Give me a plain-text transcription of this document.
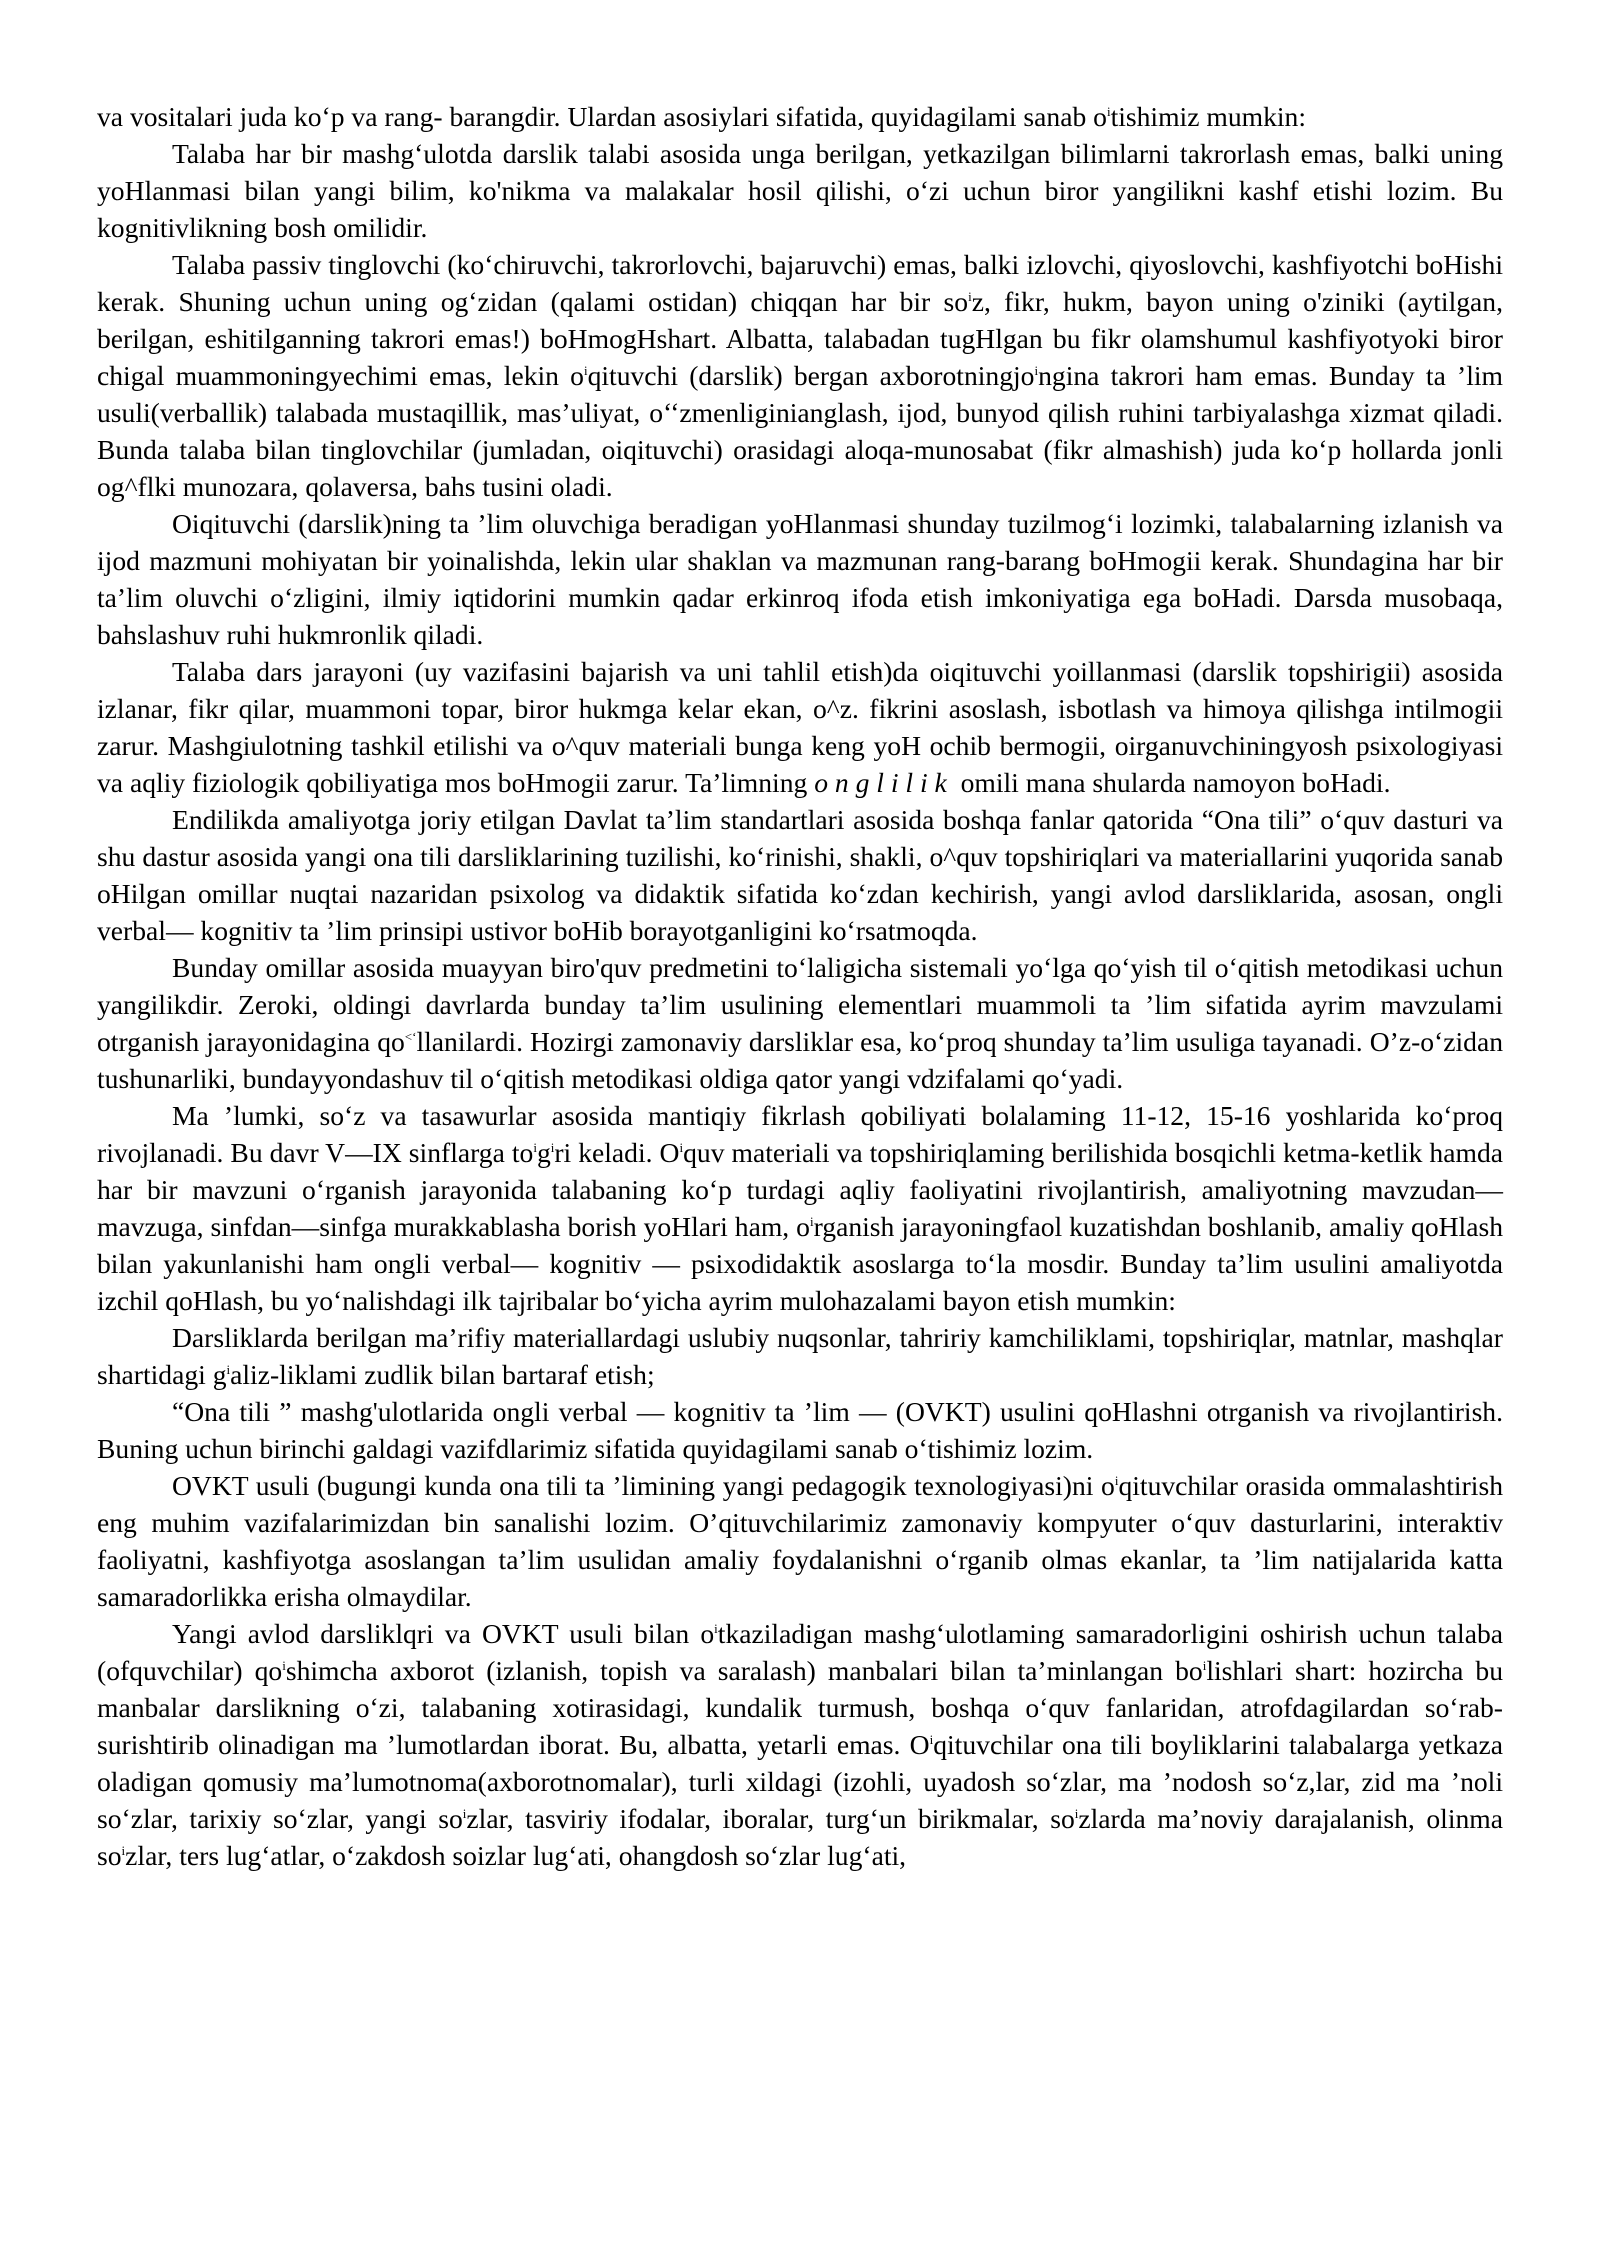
va vositalari juda ko‘p va rang- barangdir. Ulardan asosiylari sifatida, quyidagilami sanab $o^itishimiz$ mumkin:

Talaba har bir mashg‘ulotda darslik talabi asosida unga berilgan, yetkazilgan bilimlarni takrorlash emas, balki uning yoHlanmasi bilan yangi bilim, ko'nikma va malakalar hosil qilishi, o‘zi uchun biror yangilikni kashf etishi lozim. Bu kognitivlikning bosh omilidir.

Talaba passiv tinglovchi (ko‘chiruvchi, takrorlovchi, bajaruvchi) emas, balki izlovchi, qiyoslovchi, kashfiyotchi boHishi kerak. Shuning uchun uning og‘zidan (qalami ostidan) chiqqan har bir $so^iz$, fikr, hukm, bayon uning o'ziniki (aytilgan, berilgan, eshitilganning takrori emas!) boHmogHshart. Albatta, talabadan tugHlgan bu fikr olamshumul kashfiyotyoki biror chigal muammoningyechimi emas, lekin $o^iqituvchi$ (darslik) bergan axborotningjo$^i$ngina takrori ham emas. Bunday ta ’lim usuli(verballik) talabada mustaqillik, mas’uliyat, o‘‘zmenliginianglash, ijod, bunyod qilish ruhini tarbiyalashga xizmat qiladi. Bunda talaba bilan tinglovchilar (jumladan, oiqituvchi) orasidagi aloqa-munosabat (fikr almashish) juda ko‘p hollarda jonli og^flki munozara, qolaversa, bahs tusini oladi.

Oiqituvchi (darslik)ning ta ’lim oluvchiga beradigan yoHlanmasi shunday tuzilmog‘i lozimki, talabalarning izlanish va ijod mazmuni mohiyatan bir yoinalishda, lekin ular shaklan va mazmunan rang-barang boHmogii kerak. Shundagina har bir ta’lim oluvchi o‘zligini, ilmiy iqtidorini mumkin qadar erkinroq ifoda etish imkoniyatiga ega boHadi. Darsda musobaqa, bahslashuv ruhi hukmronlik qiladi.

Talaba dars jarayoni (uy vazifasini bajarish va uni tahlil etish)da oiqituvchi yoillanmasi (darslik topshirigii) asosida izlanar, fikr qilar, muammoni topar, biror hukmga kelar ekan, o^z. fikrini asoslash, isbotlash va himoya qilishga intilmogii zarur. Mashgiulotning tashkil etilishi va o^quv materiali bunga keng yoH ochib bermogii, oirganuvchiningyosh psixologiyasi va aqliy fiziologik qobiliyatiga mos boHmogii zarur. Ta’limning o n g l i l i k  omili mana shularda namoyon boHadi.

Endilikda amaliyotga joriy etilgan Davlat ta’lim standartlari asosida boshqa fanlar qatorida “Ona tili” o‘quv dasturi va shu dastur asosida yangi ona tili darsliklarining tuzilishi, ko‘rinishi, shakli, o^quv topshiriqlari va materiallarini yuqorida sanab oHilgan omillar nuqtai nazaridan psixolog va didaktik sifatida ko‘zdan kechirish, yangi avlod darsliklarida, asosan, ongli verbal— kognitiv ta ’lim prinsipi ustivor boHib borayotganligini ko‘rsatmoqda.

Bunday omillar asosida muayyan biro'quv predmetini to‘laligicha sistemali yo‘lga qo‘yish til o‘qitish metodikasi uchun yangilikdir. Zeroki, oldingi davrlarda bunday ta’lim usulining elementlari muammoli ta ’lim sifatida ayrim mavzulami otrganish jarayonidagina qo<‘llanilardi. Hozirgi zamonaviy darsliklar esa, ko‘proq shunday ta’lim usuliga tayanadi. O’z-o‘zidan tushunarliki, bundayyondashuv til o‘qitish metodikasi oldiga qator yangi vdzifalami qo‘yadi.

Ma ’lumki, so‘z va tasawurlar asosida mantiqiy fikrlash qobiliyati bolalaming 11-12, 15-16 yoshlarida ko‘proq rivojlanadi. Bu davr V—IX sinflarga $to^ig^iri$ keladi. $O^iquv$ materiali va topshiriqlaming berilishida bosqichli ketma-ketlik hamda har bir mavzuni o‘rganish jarayonida talabaning ko‘p turdagi aqliy faoliyatini rivojlantirish, amaliyotning mavzudan—mavzuga, sinfdan—sinfga murakkablasha borish yoHlari ham, $o^irganish$ jarayoningfaol kuzatishdan boshlanib, amaliy qoHlash bilan yakunlanishi ham ongli verbal— kognitiv — psixodidaktik asoslarga to‘la mosdir. Bunday ta’lim usulini amaliyotda izchil qoHlash, bu yo‘nalishdagi ilk tajribalar bo‘yicha ayrim mulohazalami bayon etish mumkin:

Darsliklarda berilgan ma’rifiy materiallardagi uslubiy nuqsonlar, tahririy kamchiliklami, topshiriqlar, matnlar, mashqlar shartidagi $g^ializ$-liklami zudlik bilan bartaraf etish;

“Ona tili ” mashg'ulotlarida ongli verbal — kognitiv ta ’lim — (OVKT) usulini qoHlashni otrganish va rivojlantirish. Buning uchun birinchi galdagi vazifdlarimiz sifatida quyidagilami sanab o‘tishimiz lozim.

OVKT usuli (bugungi kunda ona tili ta ’limining yangi pedagogik texnologiyasi)ni $o^iqituvchilar$ orasida ommalashtirish eng muhim vazifalarimizdan bin sanalishi lozim. O’qituvchilarimiz zamonaviy kompyuter o‘quv dasturlarini, interaktiv faoliyatni, kashfiyotga asoslangan ta’lim usulidan amaliy foydalanishni o‘rganib olmas ekanlar, ta ’lim natijalarida katta samaradorlikka erisha olmaydilar.

Yangi avlod darsliklqri va OVKT usuli bilan $o^itkaziladigan$ mashg‘ulotlaming samaradorligini oshirish uchun talaba (ofquvchilar) $qo^ishimcha$ axborot (izlanish, topish va saralash) manbalari bilan ta’minlangan $bo^ilishlari$ shart: hozircha bu manbalar darslikning o‘zi, talabaning xotirasidagi, kundalik turmush, boshqa o‘quv fanlaridan, atrofdagilardan so‘rab-surishtirib olinadigan ma ’lumotlardan iborat. Bu, albatta, yetarli emas. $O^iqituvchilar$ ona tili boyliklarini talabalarga yetkaza oladigan qomusiy ma’lumotnoma(axborotnomalar), turli xildagi (izohli, uyadosh so‘zlar, ma ’nodosh so‘z,lar, zid ma ’noli so‘zlar, tarixiy so‘zlar, yangi $so^izlar$, tasviriy ifodalar, iboralar, turg‘un birikmalar, $so^izlarda$ ma’noviy darajalanish, olinma $so^izlar$, ters lug‘atlar, o‘zakdosh soizlar lug‘ati, ohangdosh so‘zlar lug‘ati,
